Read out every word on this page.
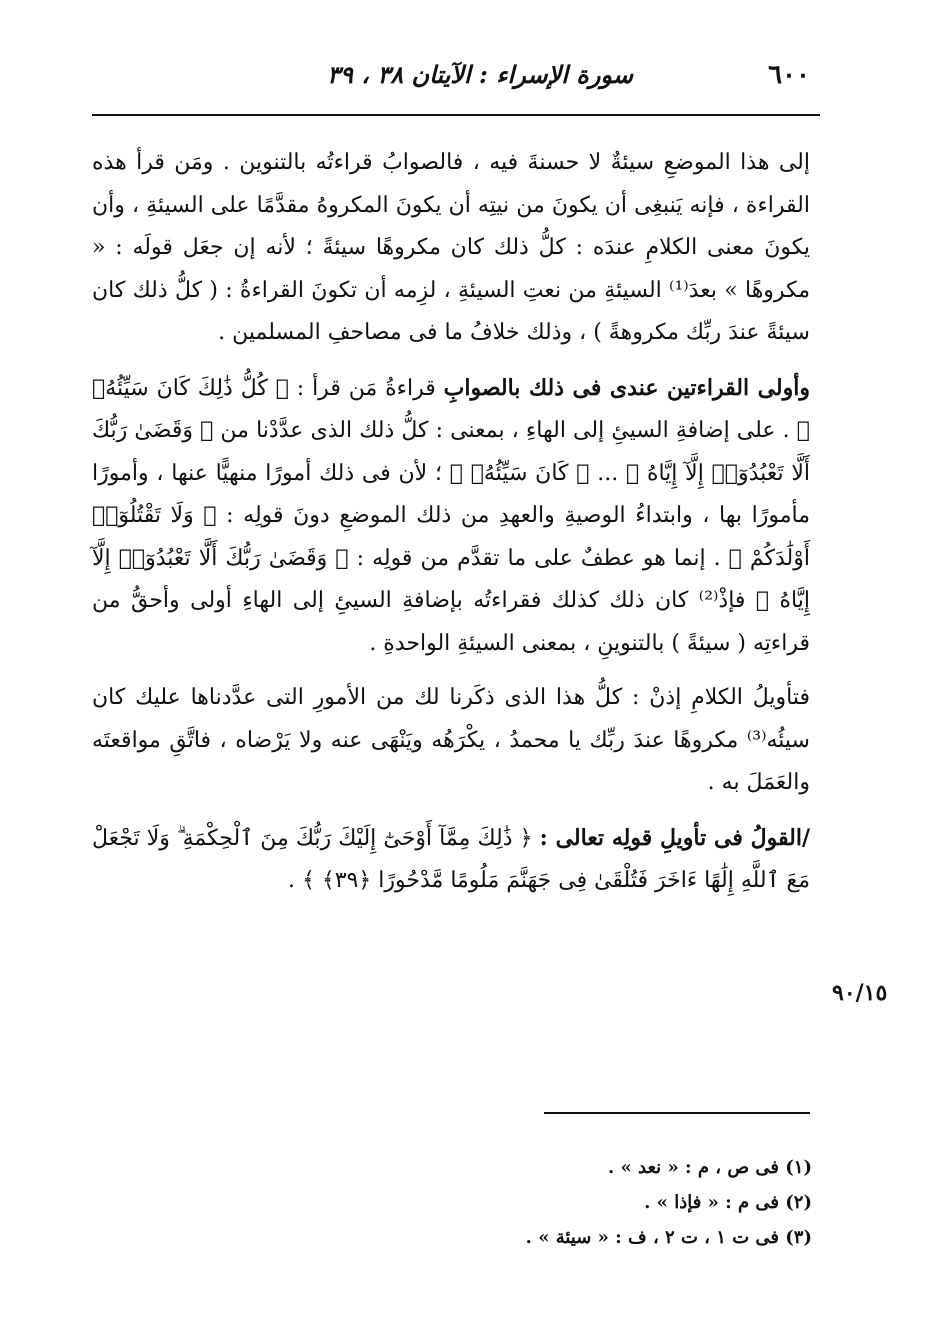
٦٠٠
سورة الإسراء : الآيتان ٣٨ ، ٣٩

إلى هذا الموضعِ سيئةٌ لا حسنةَ فيه ، فالصوابُ قراءتُه بالتنوين . ومَن قرأ هذه القراءة ، فإنه يَنبغِى أن يكونَ من نيتِه أن يكونَ المكروهُ مقدَّمًا على السيئةِ ، وأن يكونَ معنى الكلامِ عندَه : كلُّ ذلك كان مكروهًا سيئةً ؛ لأنه إن جعَل قولَه : « مكروهًا » بعدَ⁽¹⁾ السيئةِ من نعتِ السيئةِ ، لزِمه أن تكونَ القراءةُ : ( كلُّ ذلك كان سيئةً عندَ ربِّك مكروهةً ) ، وذلك خلافُ ما فى مصاحفِ المسلمين .

وأولى القراءتين عندى فى ذلك بالصوابِ قراءةُ مَن قرأ : ﴿ كُلُّ ذَٰلِكَ كَانَ سَيِّئُهُۥ ﴾ . على إضافةِ السيئِ إلى الهاءِ ، بمعنى : كلُّ ذلك الذى عدَّدْنا من ﴿ وَقَضَىٰ رَبُّكَ أَلَّا تَعْبُدُوٓا۟ إِلَّآ إِيَّاهُ ﴾ ... ﴿ كَانَ سَيِّئُهُۥ ﴾ ؛ لأن فى ذلك أمورًا منهيًّا عنها ، وأمورًا مأمورًا بها ، وابتداءُ الوصيةِ والعهدِ من ذلك الموضعِ دونَ قولِه : ﴿ وَلَا تَقْتُلُوٓا۟ أَوْلَٰدَكُمْ ﴾ . إنما هو عطفٌ على ما تقدَّم من قولِه : ﴿ وَقَضَىٰ رَبُّكَ أَلَّا تَعْبُدُوٓا۟ إِلَّآ إِيَّاهُ ﴾ فإذْ⁽²⁾ كان ذلك كذلك فقراءتُه بإضافةِ السيئِ إلى الهاءِ أولى وأحقُّ من قراءتِه ( سيئةً ) بالتنوينِ ، بمعنى السيئةِ الواحدةِ .

فتأويلُ الكلامِ إذنْ : كلُّ هذا الذى ذكَرنا لك من الأمورِ التى عدَّدناها عليك كان سيئُه⁽³⁾ مكروهًا عندَ ربِّك يا محمدُ ، يكْرَهُه ويَنْهَى عنه ولا يَرْضاه ، فاتَّقِ مواقعتَه والعَمَلَ به .

/القولُ فى تأويلِ قولِه تعالى : ﴿ ذَٰلِكَ مِمَّآ أَوْحَىٰٓ إِلَيْكَ رَبُّكَ مِنَ ٱلْحِكْمَةِ ۗ وَلَا تَجْعَلْ مَعَ ٱللَّهِ إِلَٰهًا ءَاخَرَ فَتُلْقَىٰ فِى جَهَنَّمَ مَلُومًا مَّدْحُورًا ﴿٣٩﴾ ﴾ .

٩٠/١٥

(١) فى ص ، م : « نعد » .

(٢) فى م : « فإذا » .

(٣) فى ت ١ ، ت ٢ ، ف : « سيئة » .
